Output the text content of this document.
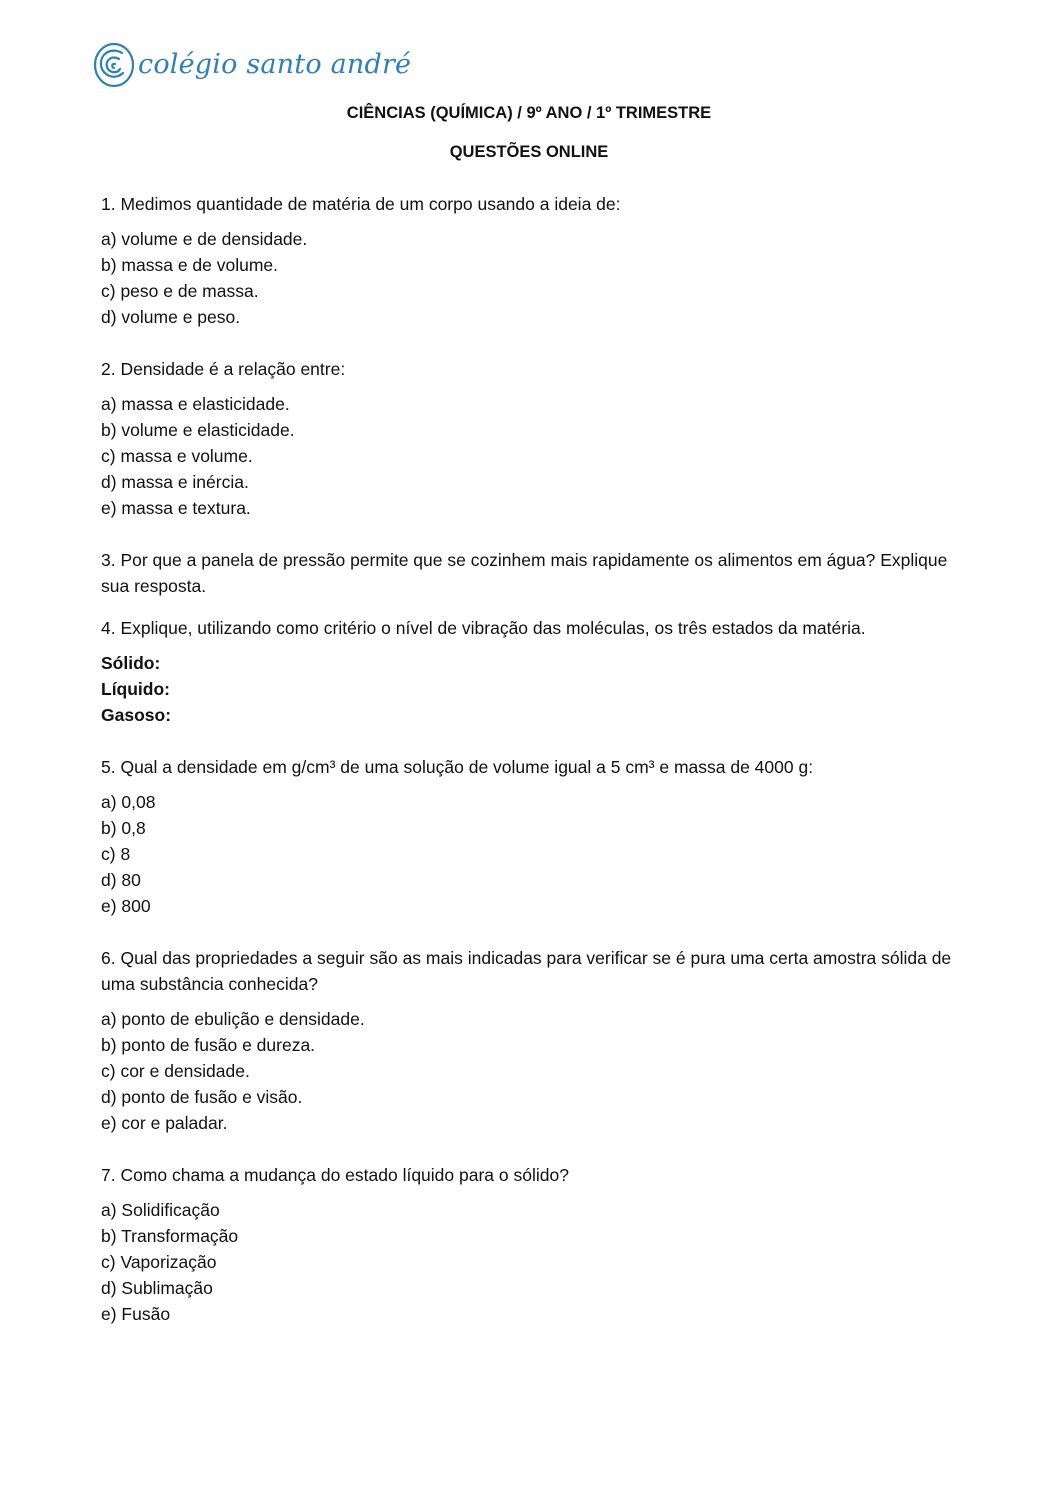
colégio santo andré
CIÊNCIAS (QUÍMICA) / 9º ANO / 1º TRIMESTRE
QUESTÕES ONLINE

1. Medimos quantidade de matéria de um corpo usando a ideia de:

a) volume e de densidade.
b) massa e de volume.
c) peso e de massa.
d) volume e peso.

2. Densidade é a relação entre:

a) massa e elasticidade.
b) volume e elasticidade.
c) massa e volume.
d) massa e inércia.
e) massa e textura.

3. Por que a panela de pressão permite que se cozinhem mais rapidamente os alimentos em água? Explique sua resposta.

4. Explique, utilizando como critério o nível de vibração das moléculas, os três estados da matéria.

Sólido:
Líquido:
Gasoso:

5. Qual a densidade em g/cm³ de uma solução de volume igual a 5 cm³ e massa de 4000 g:

a) 0,08
b) 0,8
c) 8
d) 80
e) 800

6. Qual das propriedades a seguir são as mais indicadas para verificar se é pura uma certa amostra sólida de uma substância conhecida?

a) ponto de ebulição e densidade.
b) ponto de fusão e dureza.
c) cor e densidade.
d) ponto de fusão e visão.
e) cor e paladar.

7. Como chama a mudança do estado líquido para o sólido?

a) Solidificação
b) Transformação
c) Vaporização
d) Sublimação
e) Fusão
